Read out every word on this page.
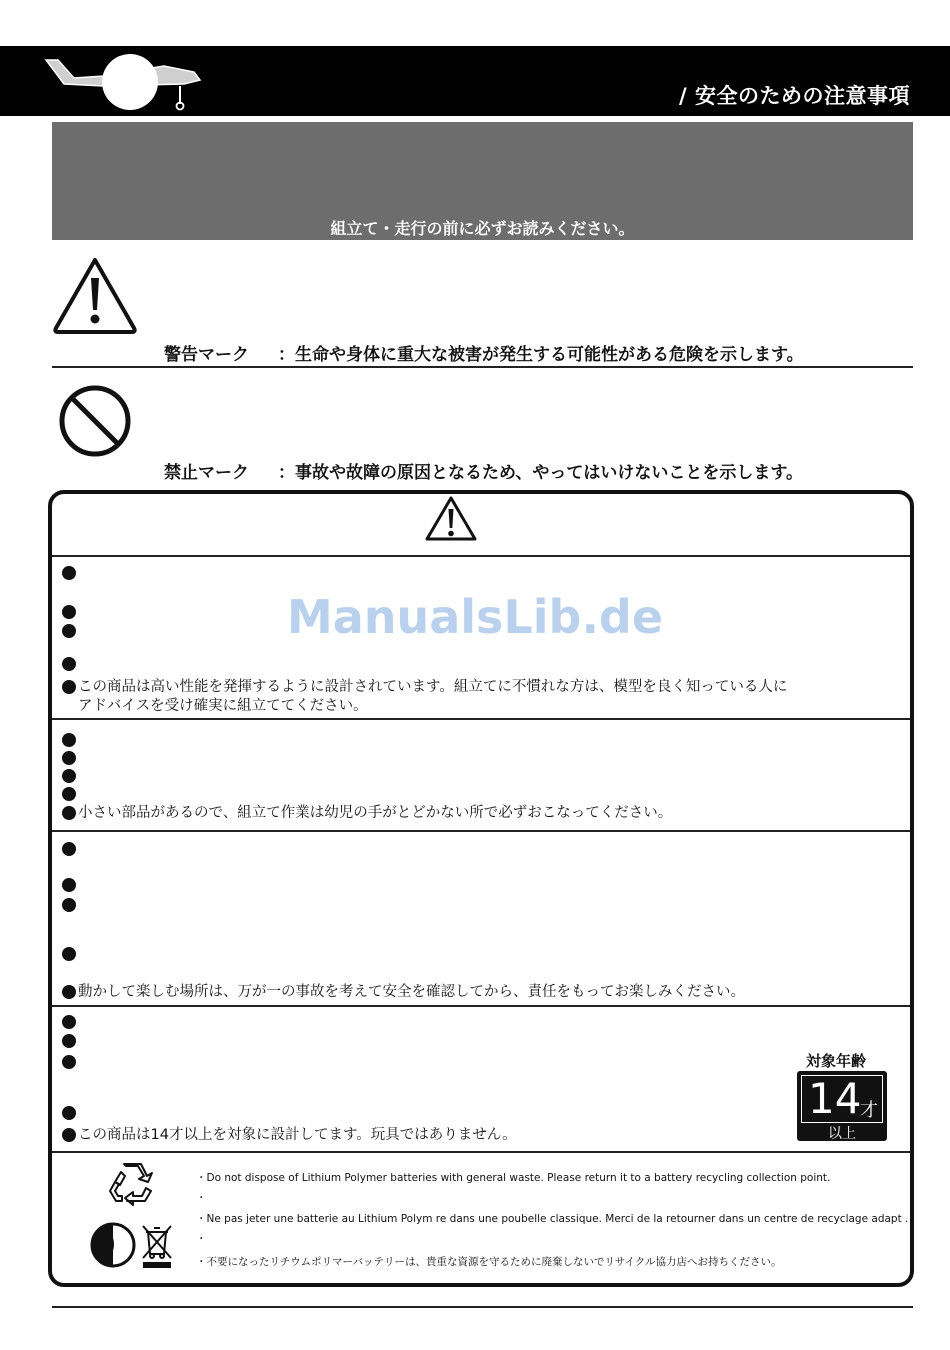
/ 安全のための注意事項
組立て・走行の前に必ずお読みください。
警告マーク ：生命や身体に重大な被害が発生する可能性がある危険を示します。
禁止マーク ：事故や故障の原因となるため、やってはいけないことを示します。
この商品は高い性能を発揮するように設計されています。組立てに不慣れな方は、模型を良く知っている人に
アドバイスを受け確実に組立ててください。
小さい部品があるので、組立て作業は幼児の手がとどかない所で必ずおこなってください。
動かして楽しむ場所は、万が一の事故を考えて安全を確認してから、責任をもってお楽しみください。
この商品は14才以上を対象に設計してます。玩具ではありません。
対象年齢
14
才
以上
・Do not dispose of Lithium Polymer batteries with general waste. Please return it to a battery recycling collection point.
・
・Ne pas jeter une batterie au Lithium Polym re dans une poubelle classique. Merci de la retourner dans un centre de recyclage adapt .
・
・不要になったリチウムポリマーバッテリーは、貴重な資源を守るために廃棄しないでリサイクル協力店へお持ちください。
ManualsLib.de
